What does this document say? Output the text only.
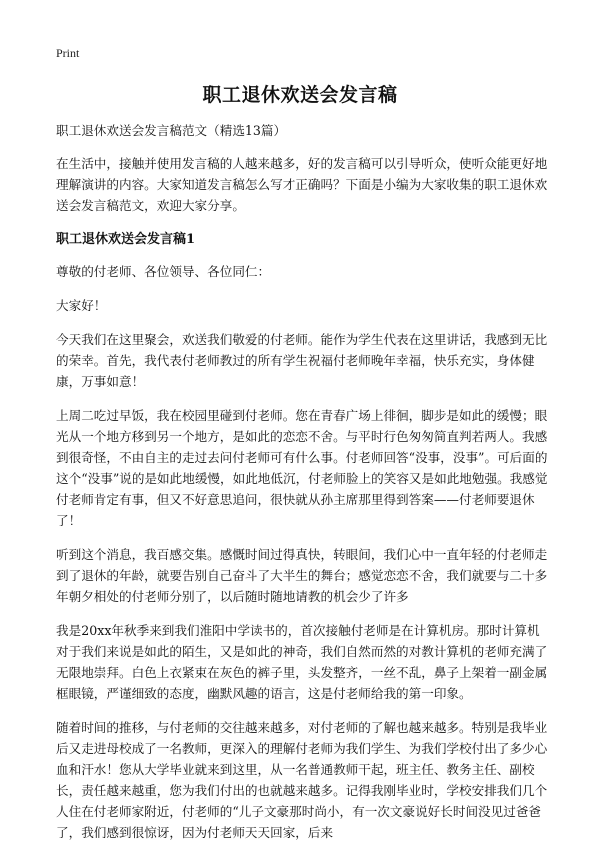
Print
职工退休欢送会发言稿

职工退休欢送会发言稿范文（精选13篇）

在生活中，接触并使用发言稿的人越来越多，好的发言稿可以引导听众，使听众能更好地理解演讲的内容。大家知道发言稿怎么写才正确吗？下面是小编为大家收集的职工退休欢送会发言稿范文，欢迎大家分享。

职工退休欢送会发言稿1

尊敬的付老师、各位领导、各位同仁：

大家好！

今天我们在这里聚会，欢送我们敬爱的付老师。能作为学生代表在这里讲话，我感到无比的荣幸。首先，我代表付老师教过的所有学生祝福付老师晚年幸福，快乐充实，身体健康，万事如意！

上周二吃过早饭，我在校园里碰到付老师。您在青春广场上徘徊，脚步是如此的缓慢；眼光从一个地方移到另一个地方，是如此的恋恋不舍。与平时行色匆匆简直判若两人。我感到很奇怪，不由自主的走过去问付老师可有什么事。付老师回答“没事，没事”。可后面的这个“没事”说的是如此地缓慢，如此地低沉，付老师脸上的笑容又是如此地勉强。我感觉付老师肯定有事，但又不好意思追问，很快就从孙主席那里得到答案——付老师要退休了！

听到这个消息，我百感交集。感慨时间过得真快，转眼间，我们心中一直年轻的付老师走到了退休的年龄，就要告别自己奋斗了大半生的舞台；感觉恋恋不舍，我们就要与二十多年朝夕相处的付老师分别了，以后随时随地请教的机会少了许多

我是20xx年秋季来到我们淮阳中学读书的，首次接触付老师是在计算机房。那时计算机对于我们来说是如此的陌生，又是如此的神奇，我们自然而然的对教计算机的老师充满了无限地崇拜。白色上衣紧束在灰色的裤子里，头发整齐，一丝不乱，鼻子上架着一副金属框眼镜，严谨细致的态度，幽默风趣的语言，这是付老师给我的第一印象。

随着时间的推移，与付老师的交往越来越多，对付老师的了解也越来越多。特别是我毕业后又走进母校成了一名教师，更深入的理解付老师为我们学生、为我们学校付出了多少心血和汗水！您从大学毕业就来到这里，从一名普通教师干起，班主任、教务主任、副校长，责任越来越重，您为我们付出的也就越来越多。记得我刚毕业时，学校安排我们几个人住在付老师家附近，付老师的“儿子文豪那时尚小，有一次文豪说好长时间没见过爸爸了，我们感到很惊讶，因为付老师天天回家，后来
